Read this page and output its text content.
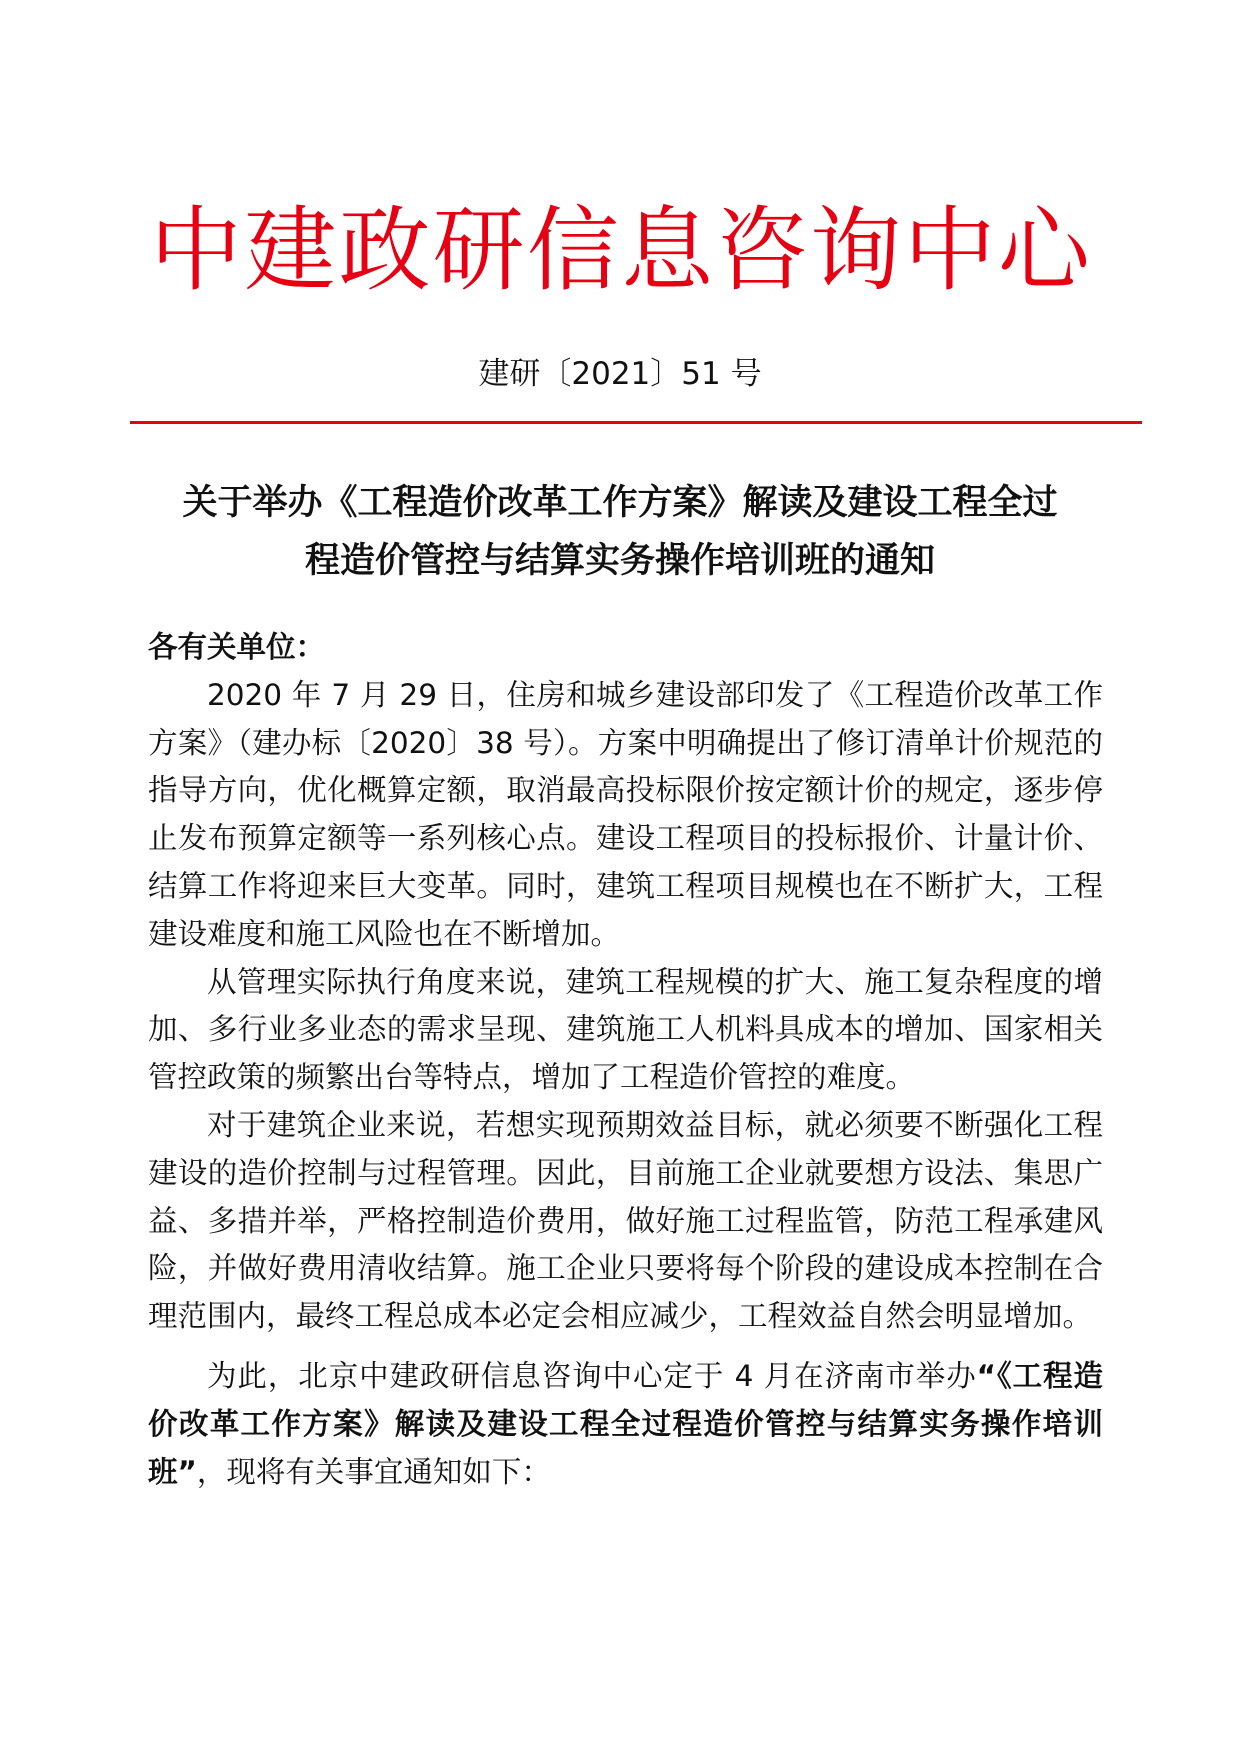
中 建 政 研 信 息 咨 询 中 心
建研〔2021〕51 号
关于举办《工程造价改革工作方案》解读及建设工程全过
程造价管控与结算实务操作培训班的通知

各有关单位：

2020 年 7 月 29 日，住房和城乡建设部印发了《工程造价改革工作方案》（建办标〔2020〕38 号）。方案中明确提出了修订清单计价规范的指导方向，优化概算定额，取消最高投标限价按定额计价的规定，逐步停止发布预算定额等一系列核心点。建设工程项目的投标报价、计量计价、结算工作将迎来巨大变革。同时，建筑工程项目规模也在不断扩大，工程建设难度和施工风险也在不断增加。

从管理实际执行角度来说，建筑工程规模的扩大、施工复杂程度的增加、多行业多业态的需求呈现、建筑施工人机料具成本的增加、国家相关管控政策的频繁出台等特点，增加了工程造价管控的难度。

对于建筑企业来说，若想实现预期效益目标，就必须要不断强化工程建设的造价控制与过程管理。因此，目前施工企业就要想方设法、集思广益、多措并举，严格控制造价费用，做好施工过程监管，防范工程承建风险，并做好费用清收结算。施工企业只要将每个阶段的建设成本控制在合理范围内，最终工程总成本必定会相应减少，工程效益自然会明显增加。

为此，北京中建政研信息咨询中心定于 4 月在济南市举办“《工程造价改革工作方案》解读及建设工程全过程造价管控与结算实务操作培训班”，现将有关事宜通知如下：
